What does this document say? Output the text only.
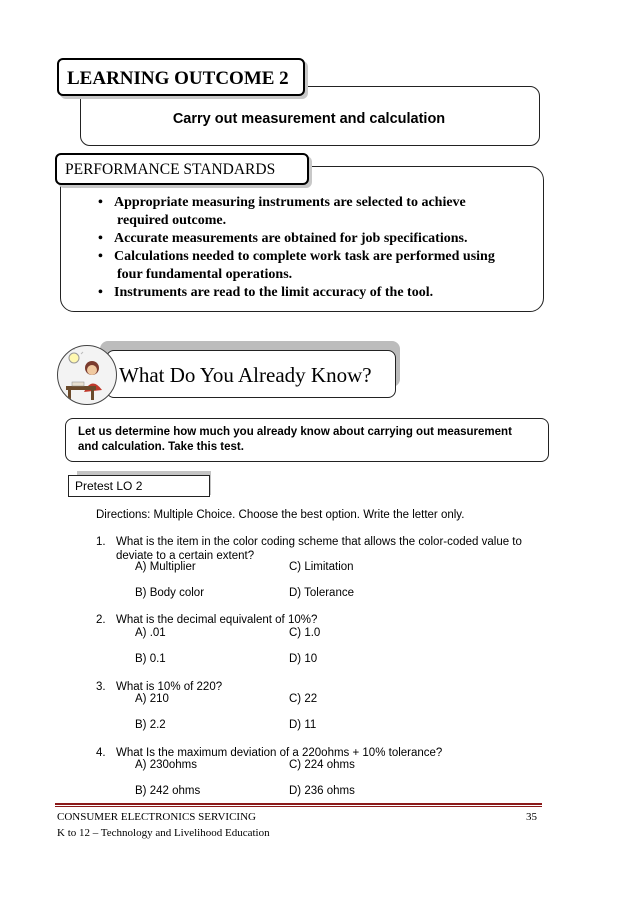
LEARNING OUTCOME 2
Carry out measurement and calculation
PERFORMANCE STANDARDS
• Appropriate measuring instruments are selected to achieve
required outcome.
• Accurate measurements are obtained for job specifications.
• Calculations needed to complete work task are performed using
four fundamental operations.
• Instruments are read to the limit accuracy of the tool.
What Do You Already Know?
Let us determine how much you already know about carrying out measurement
and calculation. Take this test.
Pretest LO 2
Directions: Multiple Choice. Choose the best option. Write the letter only.
1. What is the item in the color coding scheme that allows the color-coded value to
deviate to a certain extent?
A) Multiplier	C) Limitation
B) Body color	D) Tolerance
2. What is the decimal equivalent of 10%?
A) .01	C) 1.0
B) 0.1	D) 10
3. What is 10% of 220?
A) 210	C) 22
B) 2.2	D) 11
4. What Is the maximum deviation of a 220ohms + 10% tolerance?
A) 230ohms	C) 224 ohms
B) 242 ohms	D) 236 ohms
CONSUMER ELECTRONICS SERVICING
K to 12 – Technology and Livelihood Education
35
